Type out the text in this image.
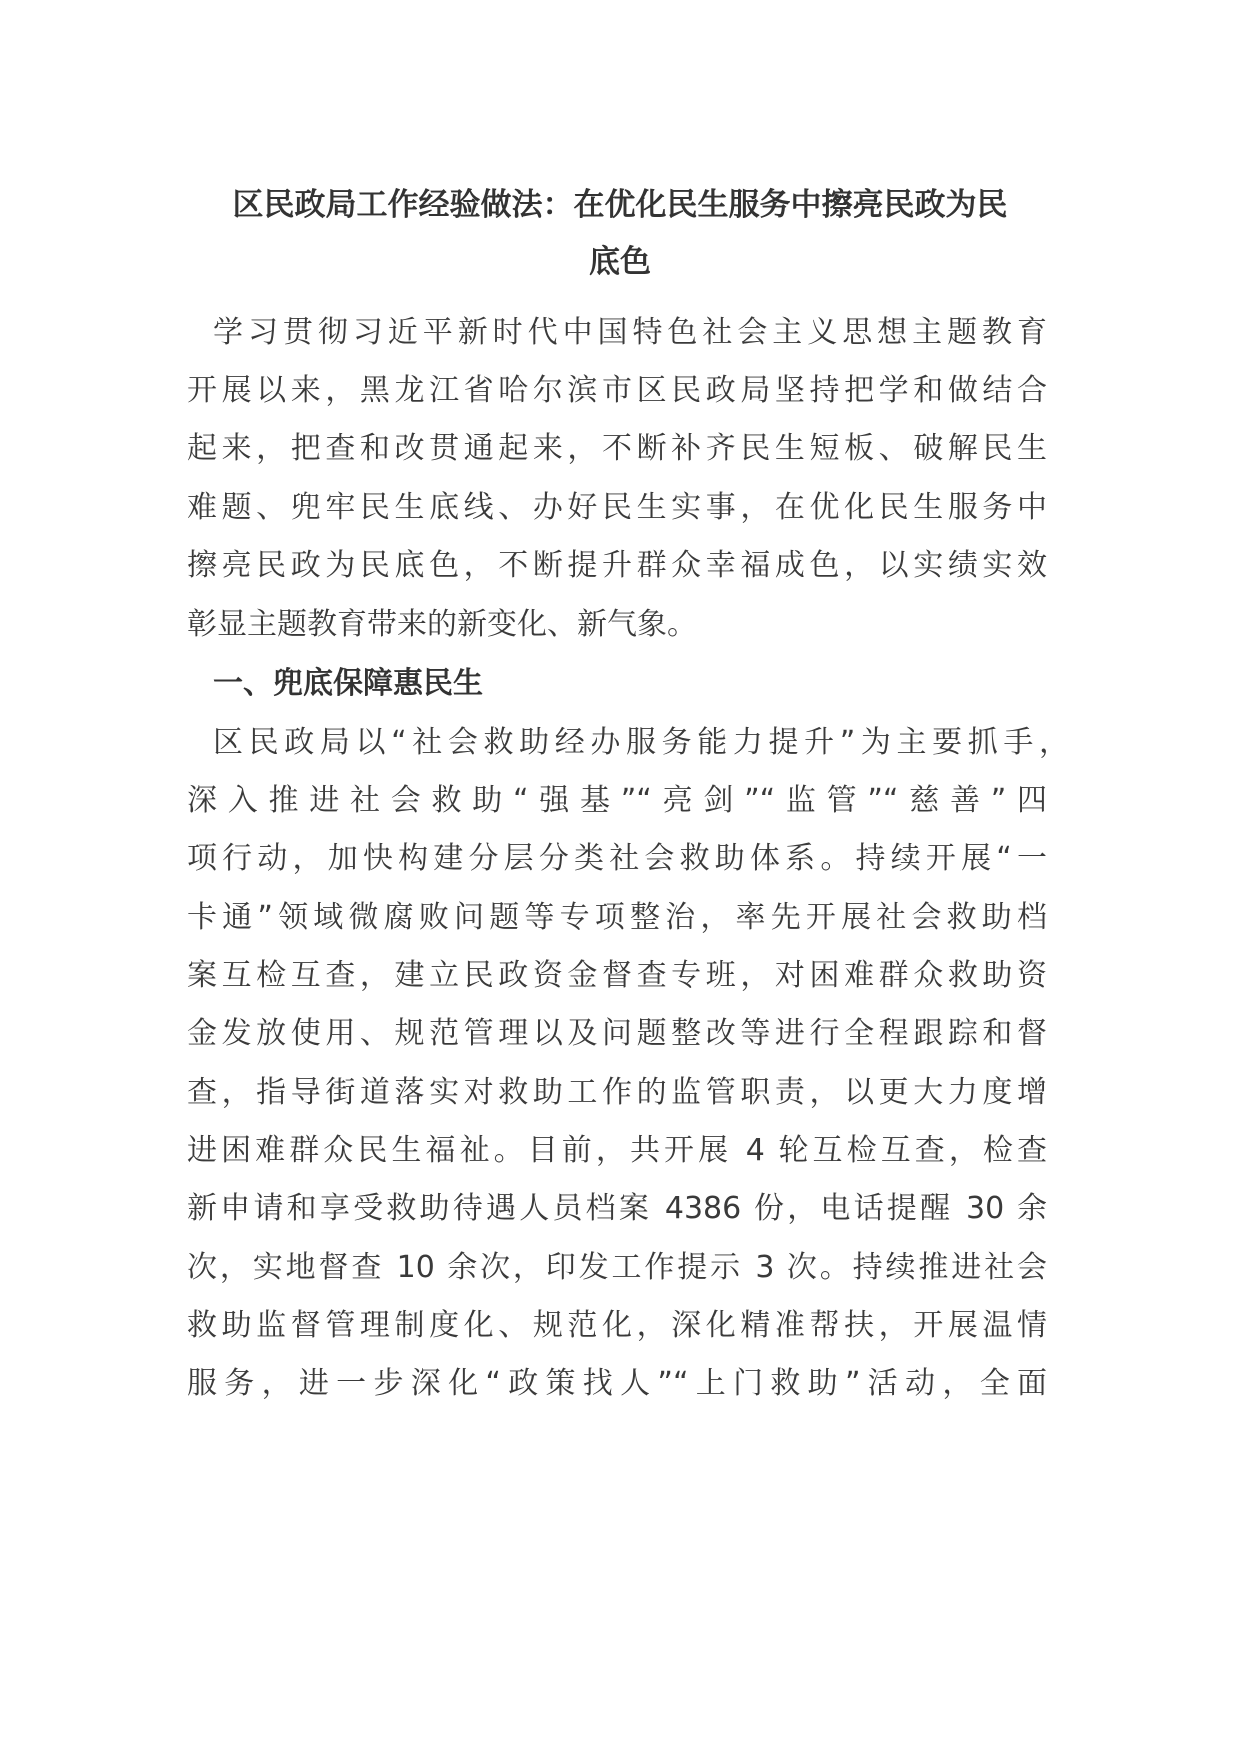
区民政局工作经验做法：在优化民生服务中擦亮民政为民
底色
学习贯彻习近平新时代中国特色社会主义思想主题教育
开展以来，黑龙江省哈尔滨市区民政局坚持把学和做结合
起来，把查和改贯通起来，不断补齐民生短板、破解民生
难题、兜牢民生底线、办好民生实事，在优化民生服务中
擦亮民政为民底色，不断提升群众幸福成色，以实绩实效
彰显主题教育带来的新变化、新气象。
一、兜底保障惠民生
区民政局以“社会救助经办服务能力提升”为主要抓手，
深入推进社会救助“强基”“亮剑”“监管”“慈善”四
项行动，加快构建分层分类社会救助体系。持续开展“一
卡通”领域微腐败问题等专项整治，率先开展社会救助档
案互检互查，建立民政资金督查专班，对困难群众救助资
金发放使用、规范管理以及问题整改等进行全程跟踪和督
查，指导街道落实对救助工作的监管职责，以更大力度增
进困难群众民生福祉。目前，共开展 4 轮互检互查，检查
新申请和享受救助待遇人员档案 4386 份，电话提醒 30 余
次，实地督查 10 余次，印发工作提示 3 次。持续推进社会
救助监督管理制度化、规范化，深化精准帮扶，开展温情
服务，进一步深化“政策找人”“上门救助”活动，全面
